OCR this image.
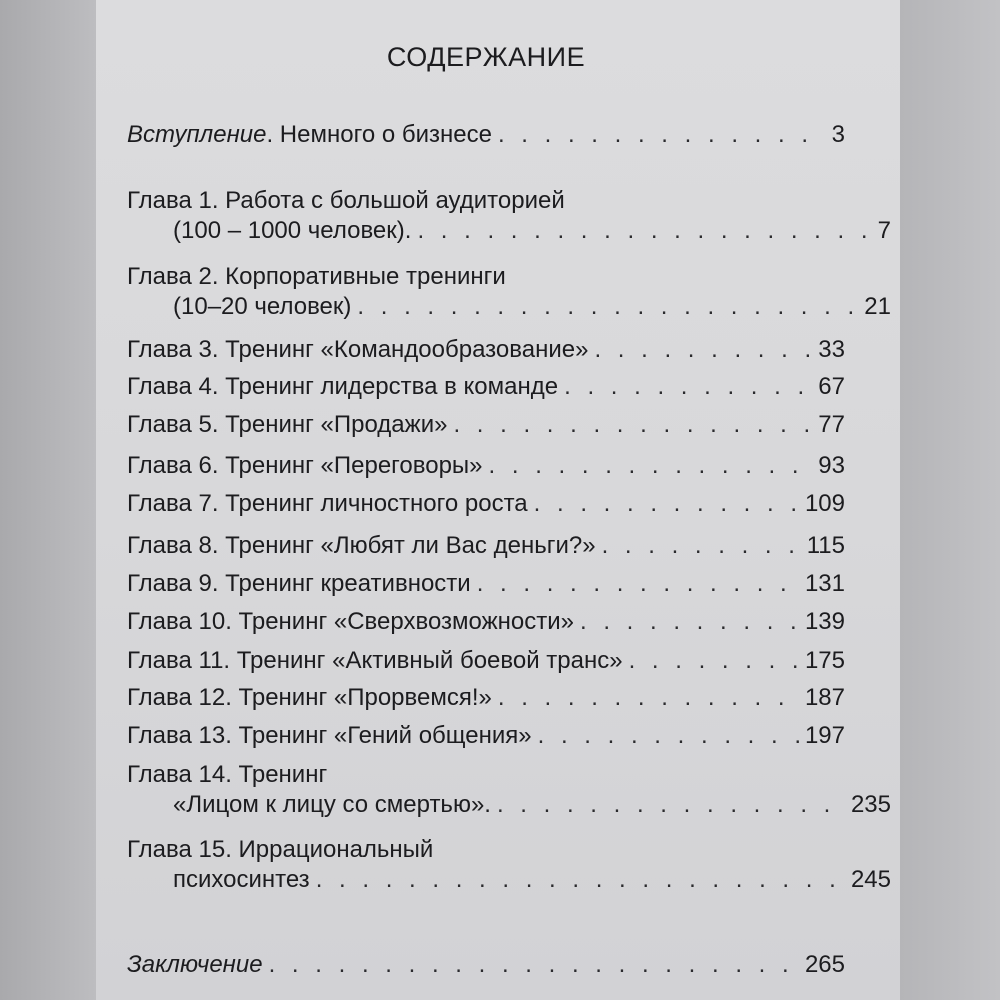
СОДЕРЖАНИЕ
Вступление. Немного о бизнесе . . .	3
Глава 1. Работа с большой аудиторией
(100 – 1000 человек). . . .	7
Глава 2. Корпоративные тренинги
(10–20 человек) . . .	21
Глава 3. Тренинг «Командообразование» . . .	33
Глава 4. Тренинг лидерства в команде . . .	67
Глава 5. Тренинг «Продажи» . . .	77
Глава 6. Тренинг «Переговоры» . . .	93
Глава 7. Тренинг личностного роста . . .	109
Глава 8. Тренинг «Любят ли Вас деньги?» . . .	115
Глава 9. Тренинг креативности . . .	131
Глава 10. Тренинг «Сверхвозможности» . . .	139
Глава 11. Тренинг «Активный боевой транс» . . .	175
Глава 12. Тренинг «Прорвемся!» . . .	187
Глава 13. Тренинг «Гений общения» . . .	197
Глава 14. Тренинг
«Лицом к лицу со смертью». . . .	235
Глава 15. Иррациональный
психосинтез . . .	245
Заключение . . .	265
